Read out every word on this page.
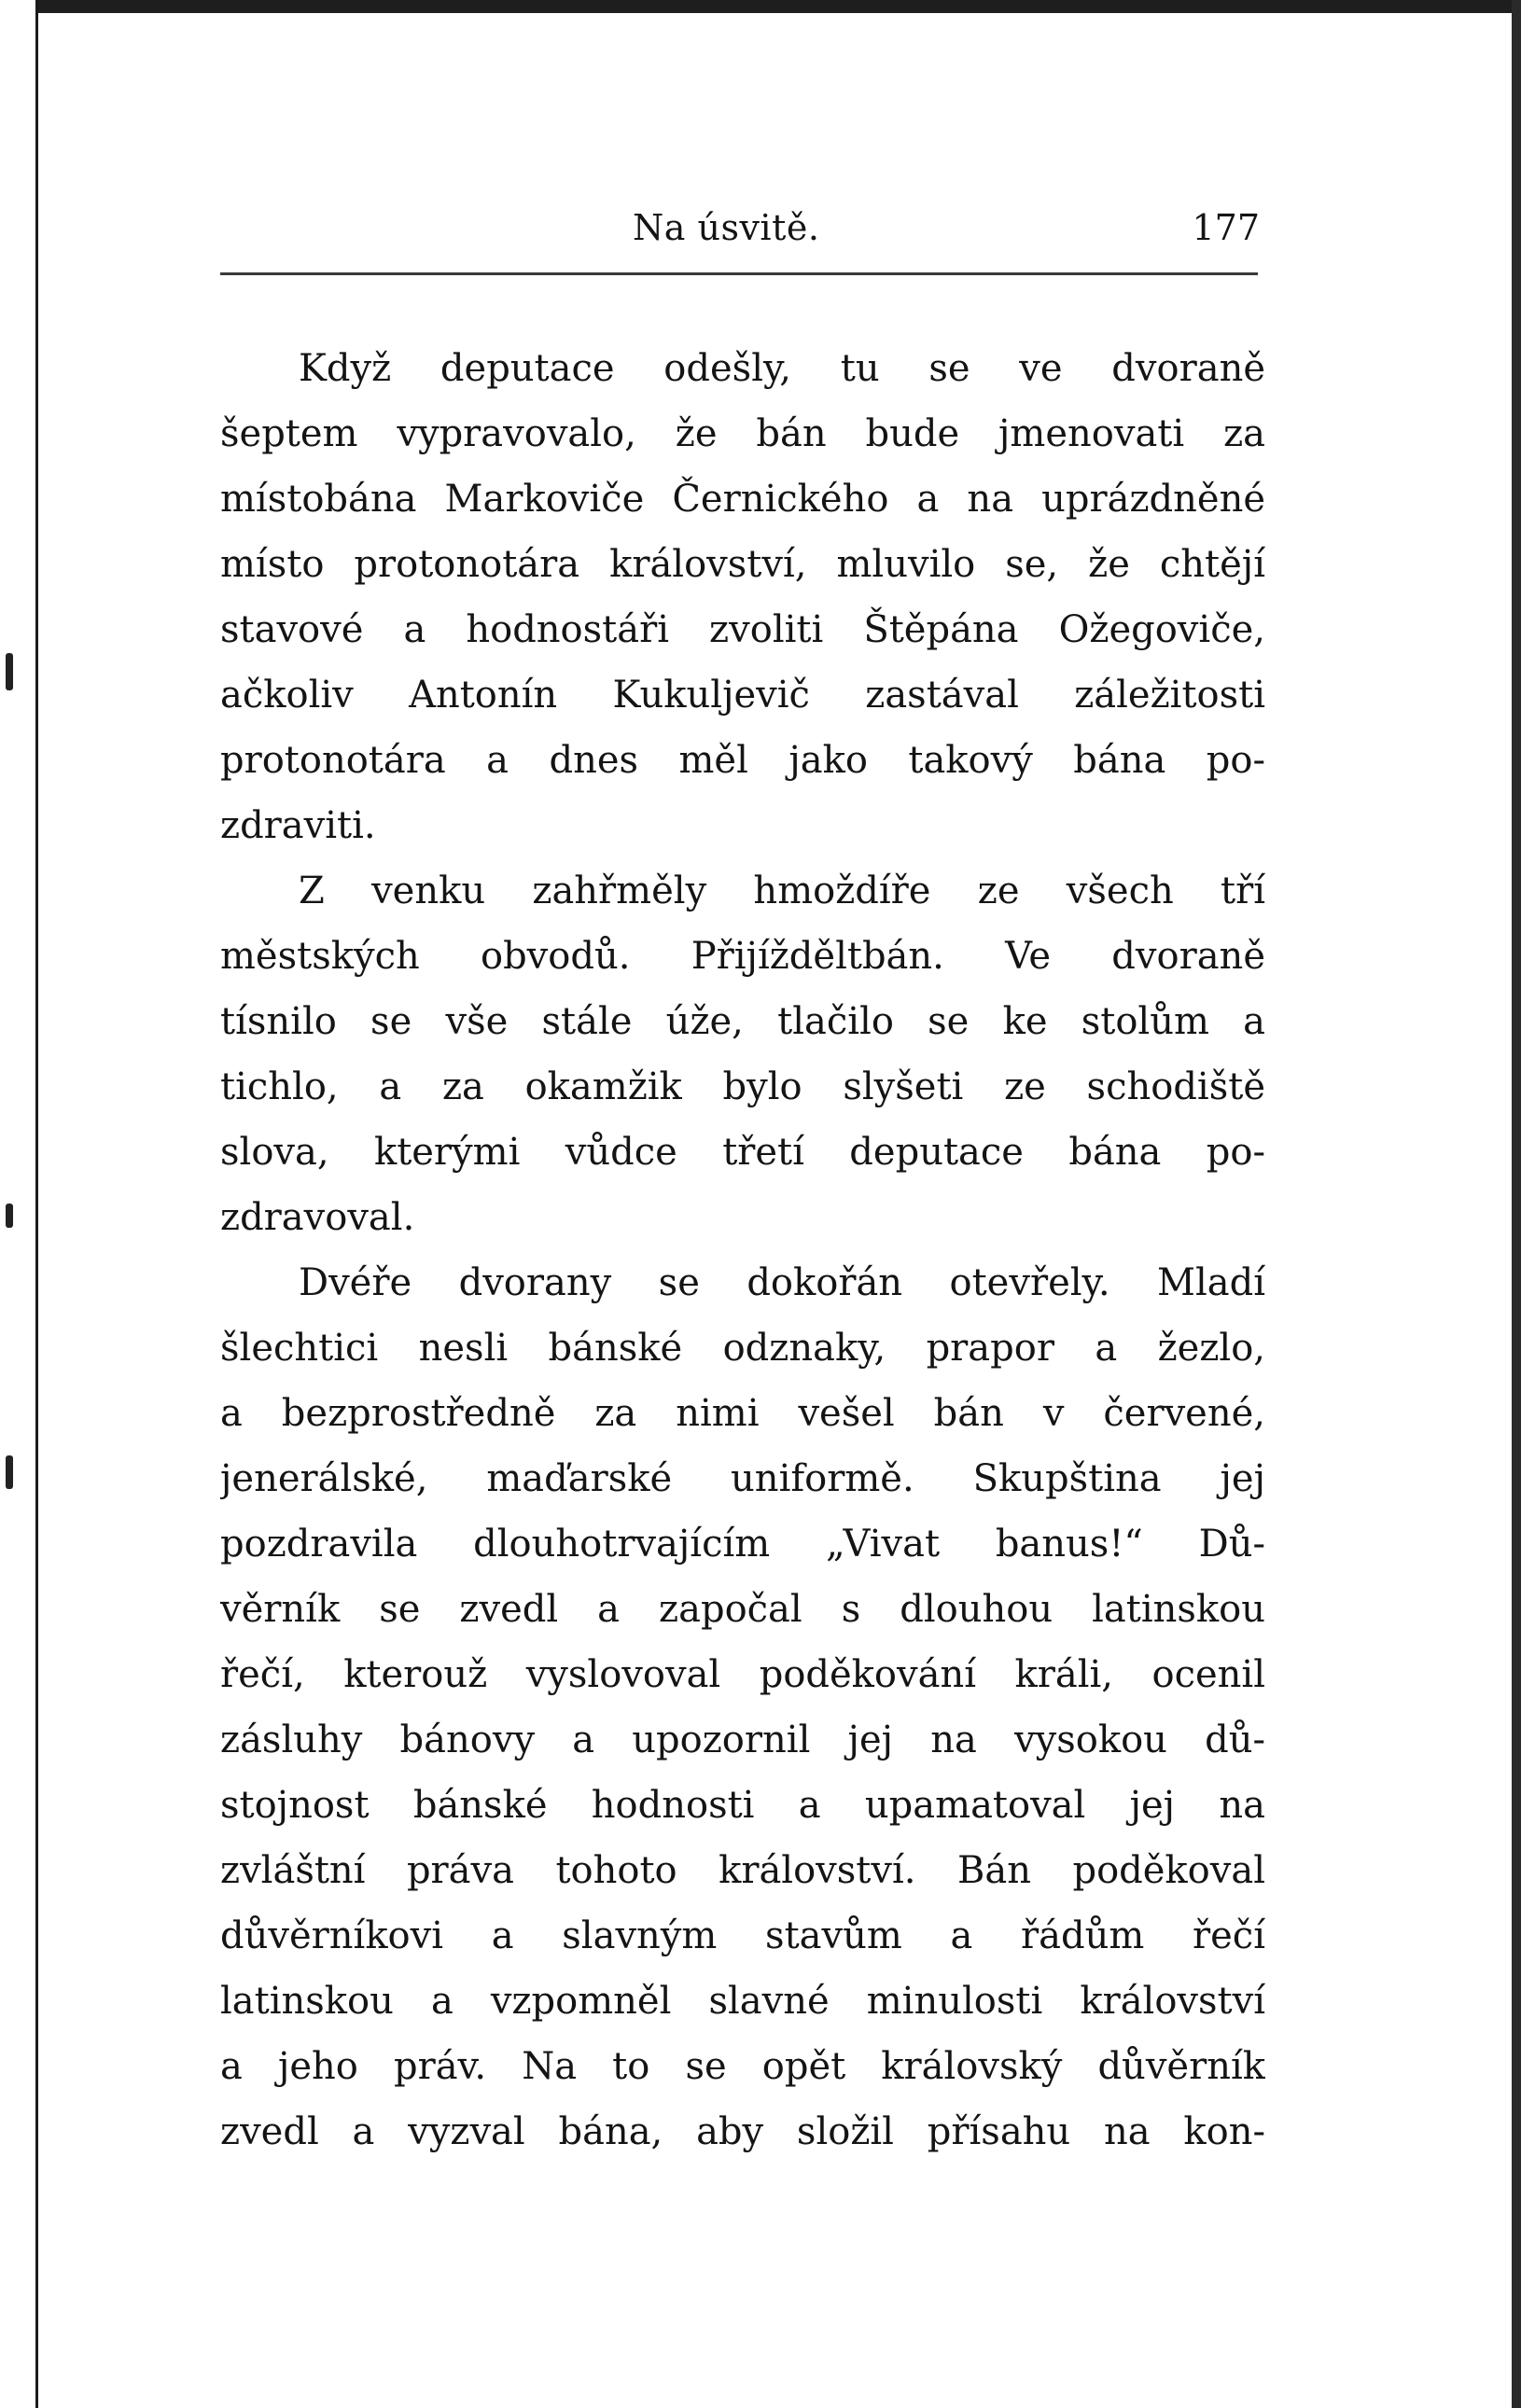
Na úsvitě.	177
Když deputace odešly, tu se ve dvoraně
šeptem vypravovalo, že bán bude jmenovati za
místobána Markoviče Černického a na uprázdněné
místo protonotára království, mluvilo se, že chtějí
stavové a hodnostáři zvoliti Štěpána Ožegoviče,
ačkoliv Antonín Kukuljevič zastával záležitosti
protonotára a dnes měl jako takový bána po-
zdraviti.
Z venku zahřměly hmoždíře ze všech tří
městských obvodů. Přijížděltbán. Ve dvoraně
tísnilo se vše stále úže, tlačilo se ke stolům a
tichlo, a za okamžik bylo slyšeti ze schodiště
slova, kterými vůdce třetí deputace bána po-
zdravoval.
Dvéře dvorany se dokořán otevřely. Mladí
šlechtici nesli bánské odznaky, prapor a žezlo,
a bezprostředně za nimi vešel bán v červené,
jenerálské, maďarské uniformě. Skupština jej
pozdravila dlouhotrvajícím „Vivat banus!“ Dů-
věrník se zvedl a započal s dlouhou latinskou
řečí, kterouž vyslovoval poděkování králi, ocenil
zásluhy bánovy a upozornil jej na vysokou dů-
stojnost bánské hodnosti a upamatoval jej na
zvláštní práva tohoto království. Bán poděkoval
důvěrníkovi a slavným stavům a řádům řečí
latinskou a vzpomněl slavné minulosti království
a jeho práv. Na to se opět královský důvěrník
zvedl a vyzval bána, aby složil přísahu na kon-
